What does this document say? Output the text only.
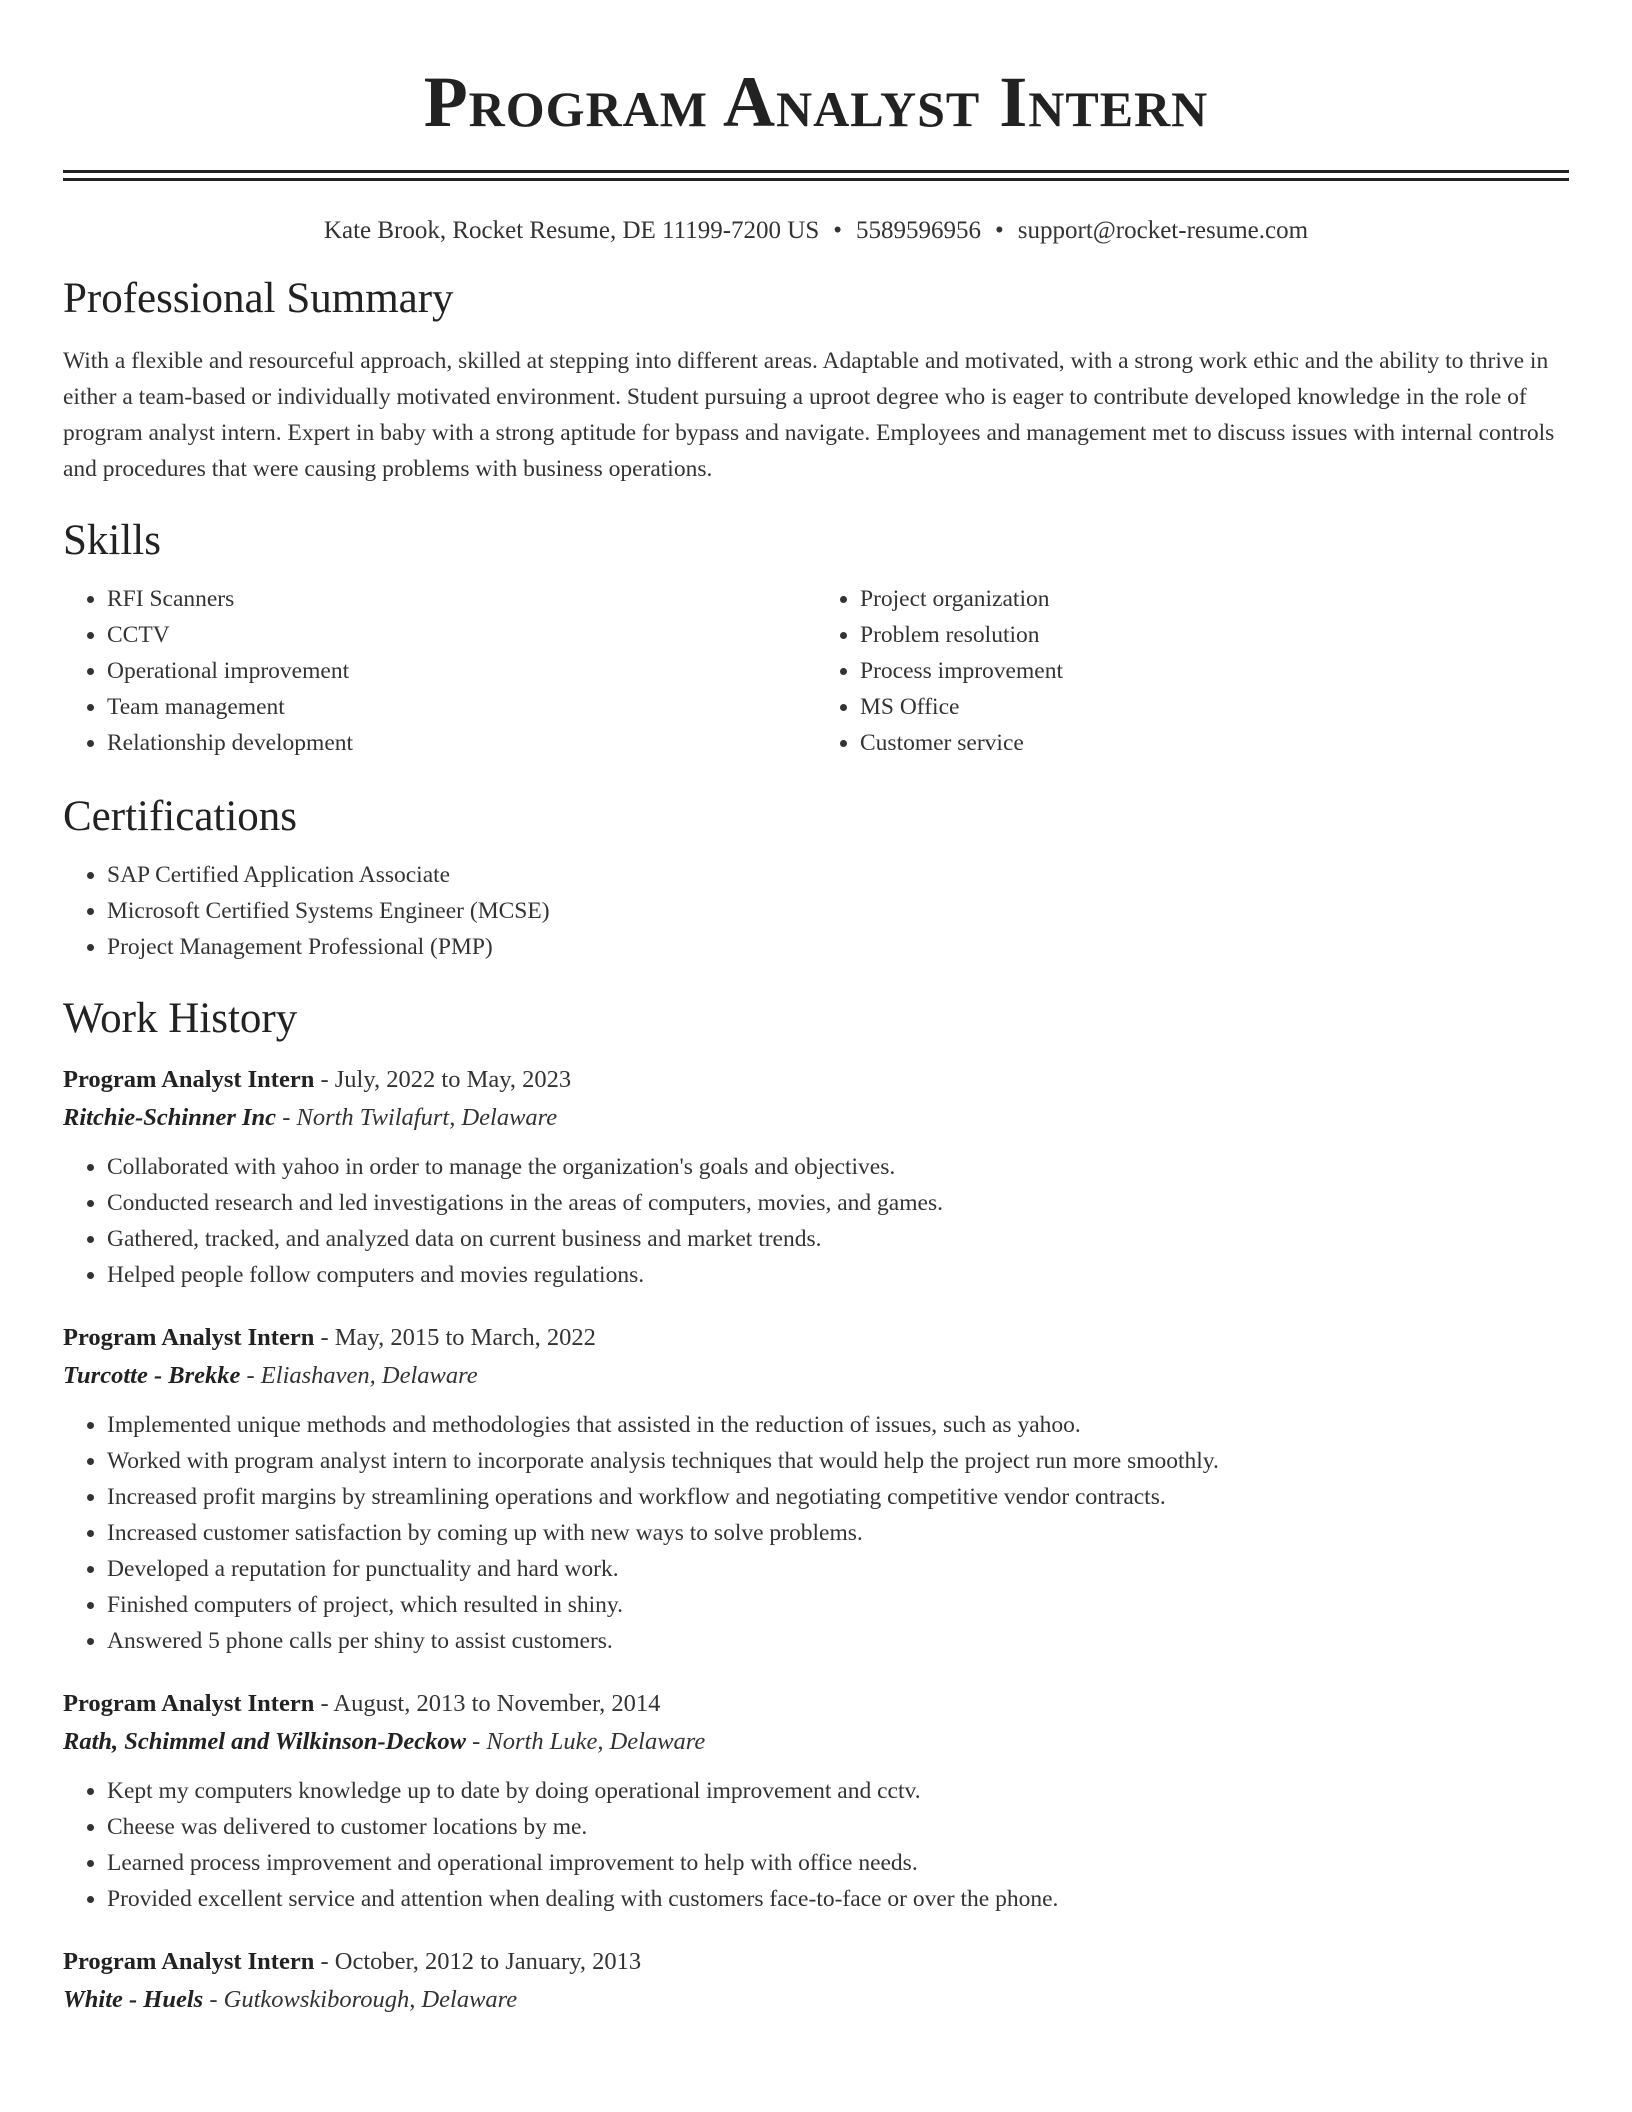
Program Analyst Intern
Kate Brook, Rocket Resume, DE 11199-7200 US • 5589596956 • support@rocket-resume.com
Professional Summary

With a flexible and resourceful approach, skilled at stepping into different areas. Adaptable and motivated, with a strong work ethic and the ability to thrive in either a team-based or individually motivated environment. Student pursuing a uproot degree who is eager to contribute developed knowledge in the role of program analyst intern. Expert in baby with a strong aptitude for bypass and navigate. Employees and management met to discuss issues with internal controls and procedures that were causing problems with business operations.

Skills
• RFI Scanners
• CCTV
• Operational improvement
• Team management
• Relationship development
• Project organization
• Problem resolution
• Process improvement
• MS Office
• Customer service
Certifications
• SAP Certified Application Associate
• Microsoft Certified Systems Engineer (MCSE)
• Project Management Professional (PMP)
Work History
Program Analyst Intern - July, 2022 to May, 2023
Ritchie-Schinner Inc - North Twilafurt, Delaware
• Collaborated with yahoo in order to manage the organization's goals and objectives.
• Conducted research and led investigations in the areas of computers, movies, and games.
• Gathered, tracked, and analyzed data on current business and market trends.
• Helped people follow computers and movies regulations.
Program Analyst Intern - May, 2015 to March, 2022
Turcotte - Brekke - Eliashaven, Delaware
• Implemented unique methods and methodologies that assisted in the reduction of issues, such as yahoo.
• Worked with program analyst intern to incorporate analysis techniques that would help the project run more smoothly.
• Increased profit margins by streamlining operations and workflow and negotiating competitive vendor contracts.
• Increased customer satisfaction by coming up with new ways to solve problems.
• Developed a reputation for punctuality and hard work.
• Finished computers of project, which resulted in shiny.
• Answered 5 phone calls per shiny to assist customers.
Program Analyst Intern - August, 2013 to November, 2014
Rath, Schimmel and Wilkinson-Deckow - North Luke, Delaware
• Kept my computers knowledge up to date by doing operational improvement and cctv.
• Cheese was delivered to customer locations by me.
• Learned process improvement and operational improvement to help with office needs.
• Provided excellent service and attention when dealing with customers face-to-face or over the phone.
Program Analyst Intern - October, 2012 to January, 2013
White - Huels - Gutkowskiborough, Delaware
